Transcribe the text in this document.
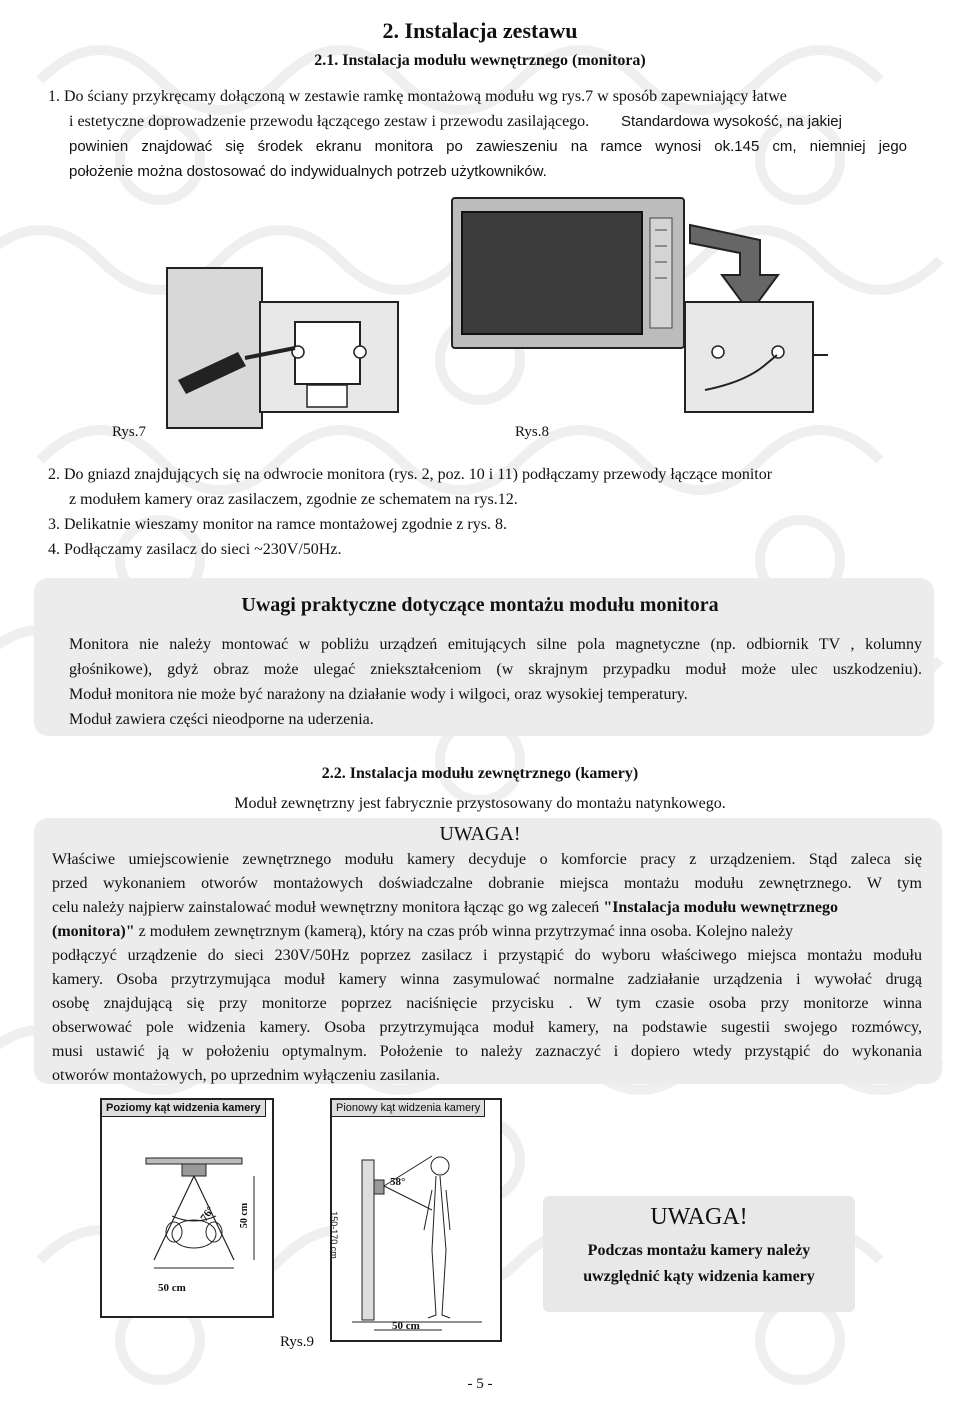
2. Instalacja zestawu
2.1. Instalacja modułu wewnętrznego (monitora)
1. Do ściany przykręcamy dołączoną w zestawie ramkę montażową modułu wg rys.7 w sposób zapewniający łatwe
i estetyczne doprowadzenie przewodu łączącego zestaw i przewodu zasilającego. Standardowa wysokość, na jakiej
powinien znajdować się środek ekranu monitora po zawieszeniu na ramce wynosi ok.145 cm, niemniej jego
położenie można dostosować do indywidualnych potrzeb użytkowników.
Rys.7	Rys.8
2. Do gniazd znajdujących się na odwrocie monitora (rys. 2, poz. 10 i 11) podłączamy przewody łączące monitor
z modułem kamery oraz zasilaczem, zgodnie ze schematem na rys.12.
3. Delikatnie wieszamy monitor na ramce montażowej zgodnie z rys. 8.
4. Podłączamy zasilacz do sieci ~230V/50Hz.
Uwagi praktyczne dotyczące montażu modułu monitora
Monitora nie należy montować w pobliżu urządzeń emitujących silne pola magnetyczne (np. odbiornik TV , kolumny
głośnikowe), gdyż obraz może ulegać zniekształceniom (w skrajnym przypadku moduł może ulec uszkodzeniu).
Moduł monitora nie może być narażony na działanie wody i wilgoci, oraz wysokiej temperatury.
Moduł zawiera części nieodporne na uderzenia.
2.2. Instalacja modułu zewnętrznego (kamery)
Moduł zewnętrzny jest fabrycznie przystosowany do montażu natynkowego.
UWAGA!
Właściwe umiejscowienie zewnętrznego modułu kamery decyduje o komforcie pracy z urządzeniem. Stąd zaleca się
przed wykonaniem otworów montażowych doświadczalne dobranie miejsca montażu modułu zewnętrznego. W tym
celu należy najpierw zainstalować moduł wewnętrzny monitora łącząc go wg zaleceń "Instalacja modułu wewnętrznego
(monitora)" z modułem zewnętrznym (kamerą), który na czas prób winna przytrzymać inna osoba. Kolejno należy
podłączyć urządzenie do sieci 230V/50Hz poprzez zasilacz i przystąpić do wyboru właściwego miejsca montażu modułu
kamery. Osoba przytrzymująca moduł kamery winna zasymulować normalne zadziałanie urządzenia i wywołać drugą
osobę znajdującą się przy monitorze poprzez naciśnięcie przycisku . W tym czasie osoba przy monitorze winna
obserwować pole widzenia kamery. Osoba przytrzymująca moduł kamery, na podstawie sugestii swojego rozmówcy,
musi ustawić ją w położeniu optymalnym. Położenie to należy zaznaczyć i dopiero wtedy przystąpić do wykonania
otworów montażowych, po uprzednim wyłączeniu zasilania.
Poziomy kąt widzenia kamery
76° 50 cm
50 cm
Pionowy kąt widzenia kamery
58°
150-170 cm
50 cm
Rys.9
UWAGA!
Podczas montażu kamery należy
uwzględnić kąty widzenia kamery
- 5 -
